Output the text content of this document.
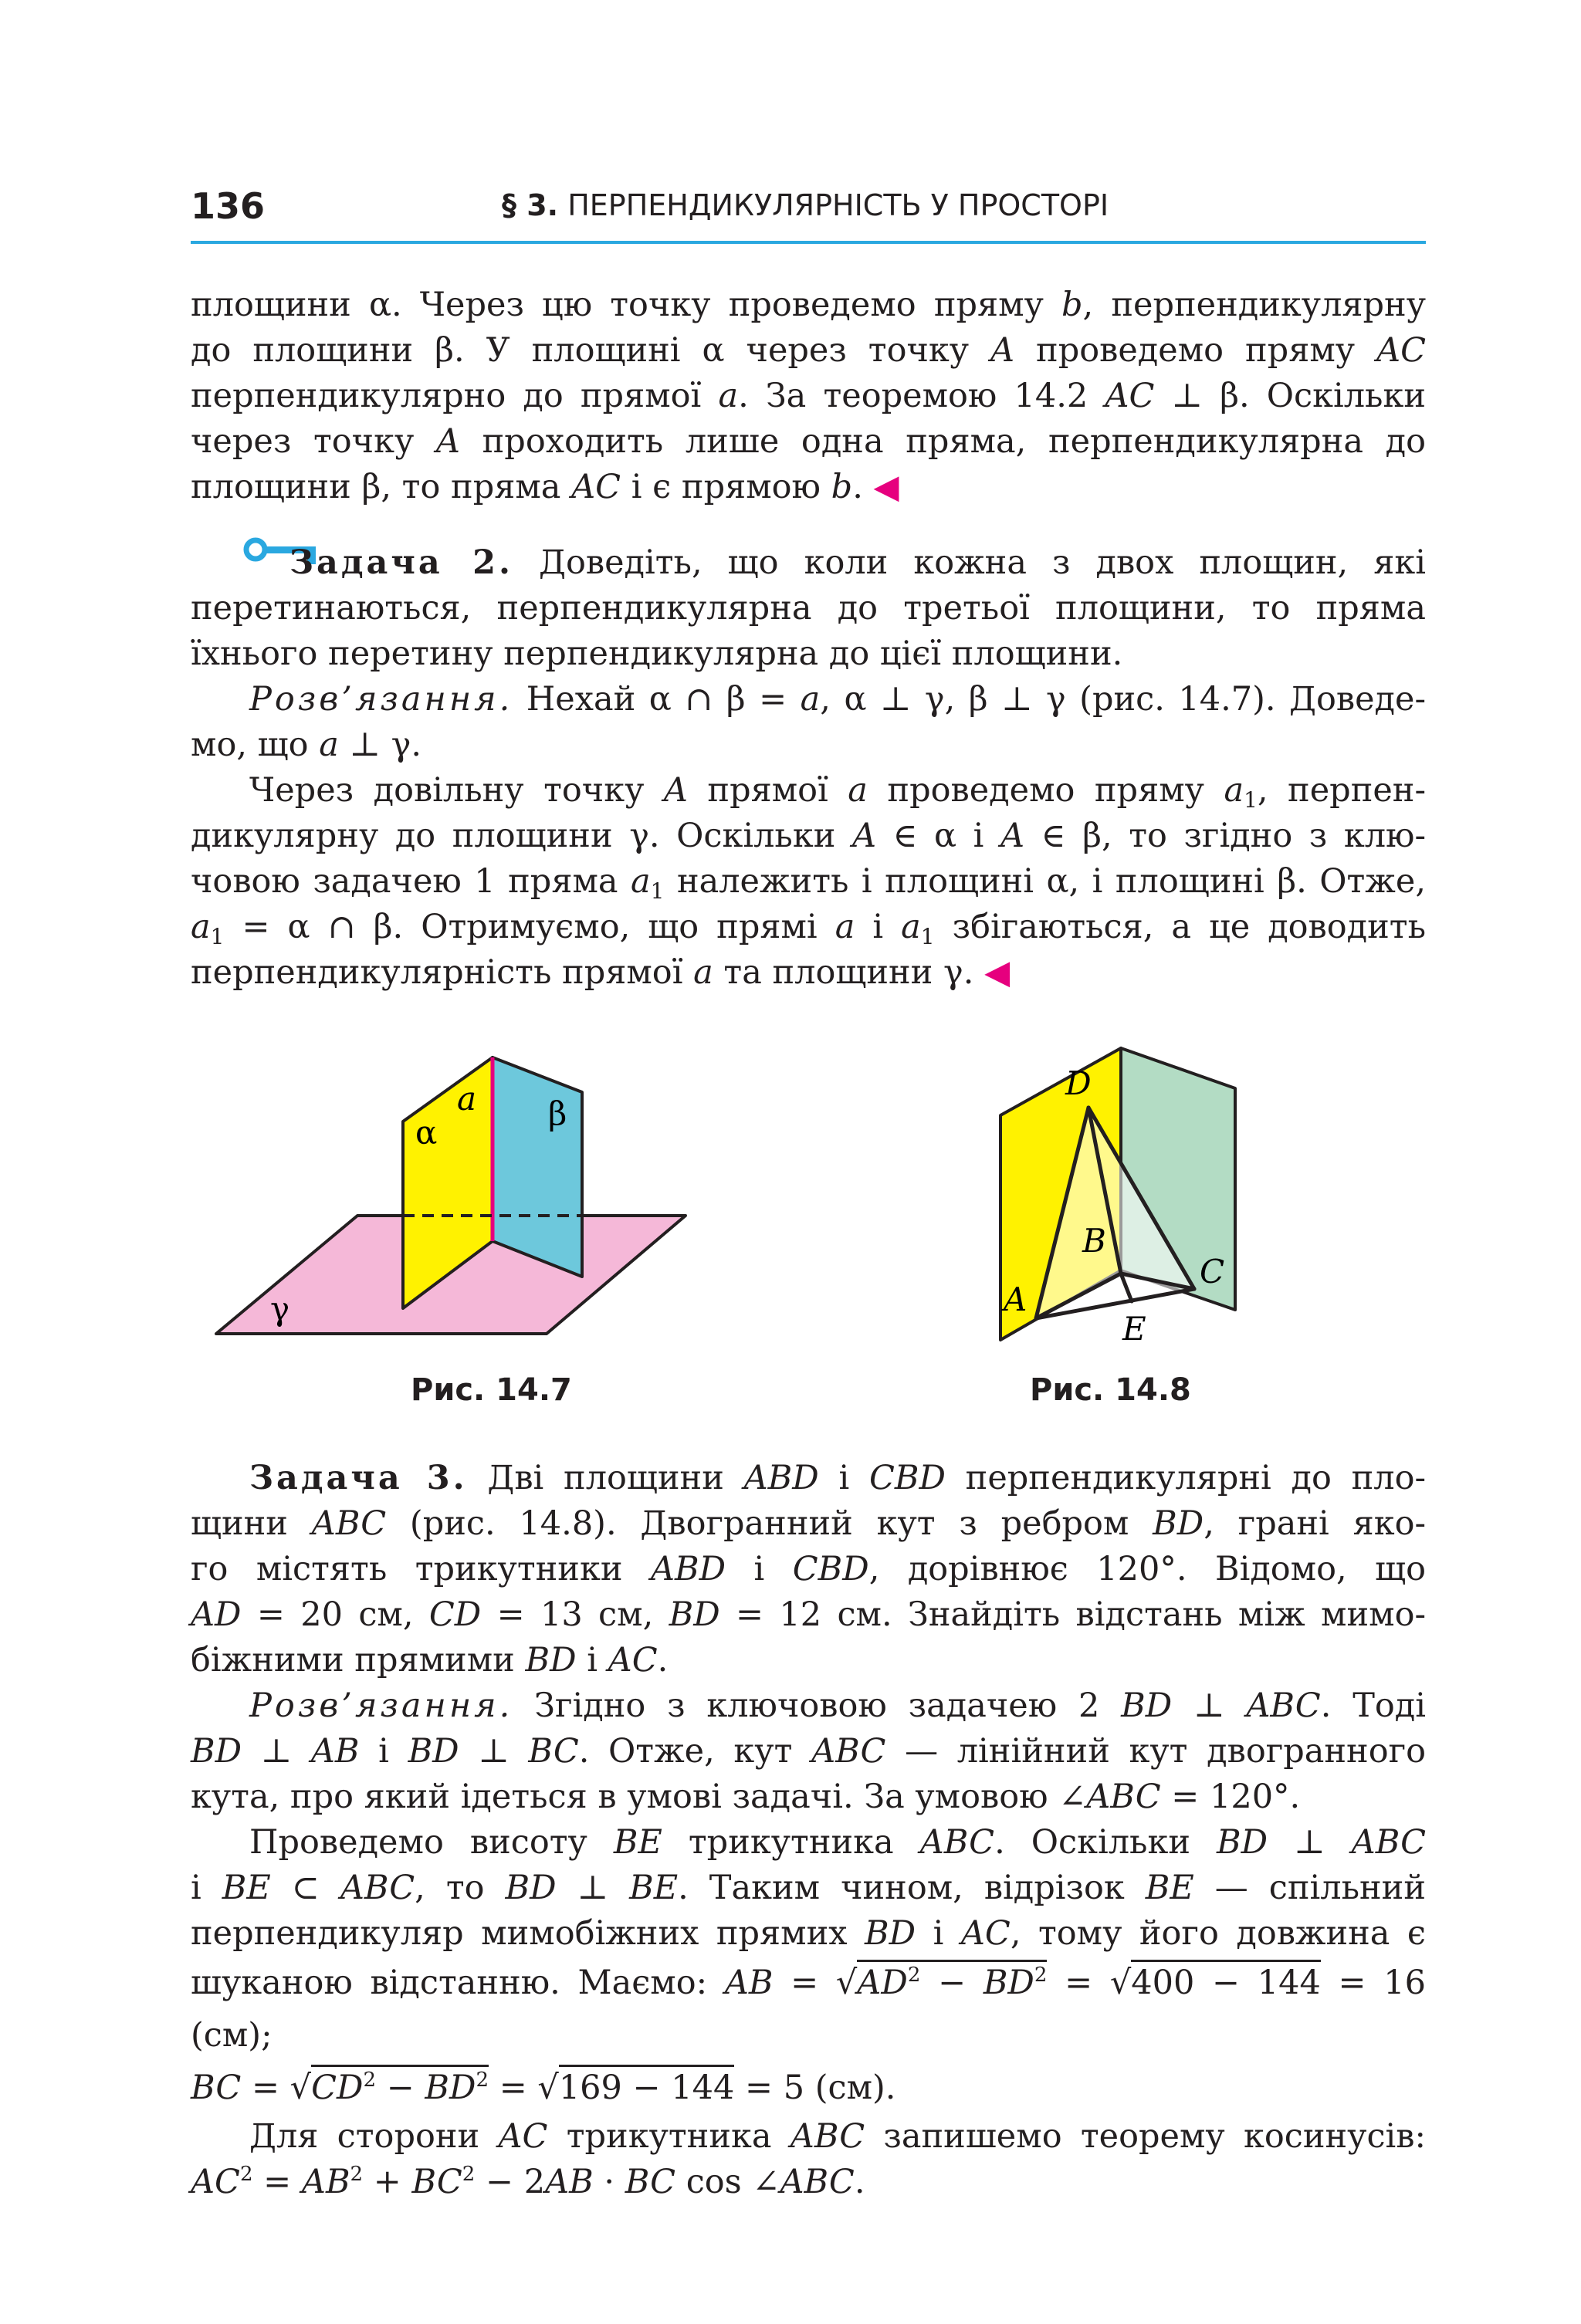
136	§ 3. ПЕРПЕНДИКУЛЯРНІСТЬ У ПРОСТОРІ

площини α. Через цю точку проведемо пряму b, перпендикулярну

до площини β. У площині α через точку A проведемо пряму AC

перпендикулярно до прямої a. За теоремою 14.2 AC ⊥ β. Оскільки

через точку A проходить лише одна пряма, перпендикулярна до

площини β, то пряма AC і є прямою b. ◀

Задача 2. Доведіть, що коли кожна з двох площин, які

перетинаються, перпендикулярна до третьої площини, то пряма

їхнього перетину перпендикулярна до цієї площини.

Розв’язання. Нехай α ∩ β = a, α ⊥ γ, β ⊥ γ (рис. 14.7). Доведе-

мо, що a ⊥ γ.

Через довільну точку A прямої a проведемо пряму $a_1$, перпен-

дикулярну до площини γ. Оскільки A ∈ α і A ∈ β, то згідно з клю-

човою задачею 1 пряма $a_1$ належить і площині α, і площині β. Отже,

$a_1 = \alpha$ ∩ β. Отримуємо, що прямі a і $a_1$ збігаються, а це доводить

перпендикулярність прямої a та площини γ. ◀

a
α
β
γ
Рис. 14.7
D
B
A
C
E
Рис. 14.8

Задача 3. Дві площини ABD і CBD перпендикулярні до пло-

щини ABC (рис. 14.8). Двогранний кут з ребром BD, грані яко-

го містять трикутники ABD і CBD, дорівнює 120°. Відомо, що

AD = 20 см, CD = 13 см, BD = 12 см. Знайдіть відстань між мимо-

біжними прямими BD і AC.

Розв’язання. Згідно з ключовою задачею 2 BD ⊥ ABC. Тоді

BD ⊥ AB і BD ⊥ BC. Отже, кут ABC — лінійний кут двогранного

кута, про який ідеться в умові задачі. За умовою ∠ABC = 120°.

Проведемо висоту BE трикутника ABC. Оскільки BD ⊥ ABC

і BE ⊂ ABC, то BD ⊥ BE. Таким чином, відрізок BE — спільний

перпендикуляр мимобіжних прямих BD і AC, тому його довжина є

шуканою відстанню. Маємо: AB = $√AD^2 - BD^2 = √400 - 144 = 16$ (см);

BC = $√CD^2 - BD^2 = √169 - 144 = 5$ (см).

Для сторони AC трикутника ABC запишемо теорему косинусів:

$AC^2 = AB^2 + BC^2 - 2AB$ · BC cos ∠ABC.
